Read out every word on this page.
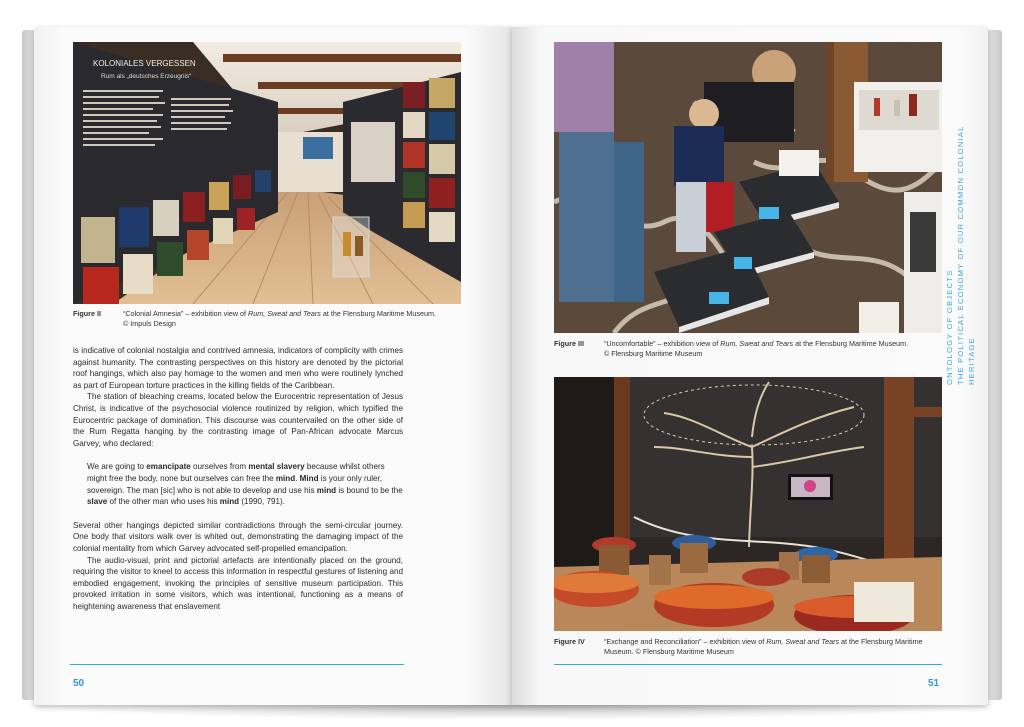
KOLONIALES VERGESSEN
Rum als „deutsches Erzeugnis“
Figure II	“Colonial Amnesia” – exhibition view of Rum, Sweat and Tears at the Flensburg Maritime Museum.
© Impuls Design

is indicative of colonial nostalgia and contrived amnesia, indicators of complicity with crimes against humanity. The contrasting perspectives on this history are denoted by the pictorial roof hangings, which also pay homage to the women and men who were routinely lynched as part of European torture practices in the killing fields of the Caribbean.

The station of bleaching creams, located below the Eurocentric representation of Jesus Christ, is indicative of the psychosocial violence routinized by religion, which typified the Eurocentric package of domination. This discourse was countervailed on the other side of the Rum Regatta hanging by the contrasting image of Pan-African advocate Marcus Garvey, who declared:

We are going to emancipate ourselves from mental slavery because whilst others might free the body, none but ourselves can free the mind. Mind is your only ruler, sovereign. The man [sic] who is not able to develop and use his mind is bound to be the slave of the other man who uses his mind (1990, 791).

Several other hangings depicted similar contradictions through the semi-circular journey. One body that visitors walk over is whited out, demonstrating the damaging impact of the colonial mentality from which Garvey advocated self-propelled emancipation.

The audio-visual, print and pictorial artefacts are intentionally placed on the ground, requiring the visitor to kneel to access this information in respectful gestures of listening and embodied engagement, invoking the principles of sensitive museum participation. This provoked irritation in some visitors, which was intentional, functioning as a means of heightening awareness that enslavement

50
Figure III	“Uncomfortable” – exhibition view of Rum, Sweat and Tears at the Flensburg Maritime Museum.
© Flensburg Maritime Museum
Figure IV	“Exchange and Reconciliation” – exhibition view of Rum, Sweat and Tears at the Flensburg Maritime
Museum. © Flensburg Maritime Museum
51
ONTOLOGY OF OBJECTS THE POLITICAL ECONOMY OF OUR COMMON COLONIAL HERITAGE
